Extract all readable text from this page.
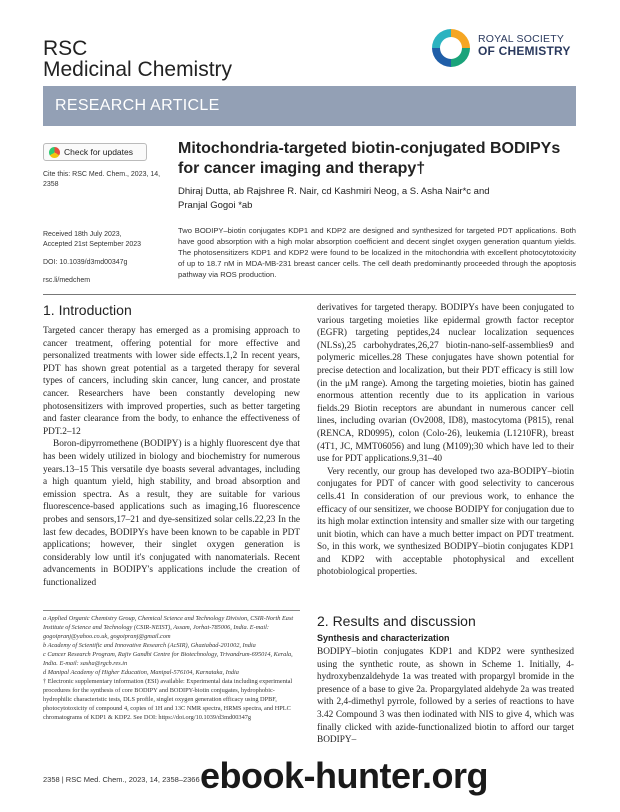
RSC
Medicinal Chemistry
ROYAL SOCIETY
OF CHEMISTRY
RESEARCH ARTICLE
Check for updates
Cite this: RSC Med. Chem., 2023, 14, 2358
Received 18th July 2023,
Accepted 21st September 2023
DOI: 10.1039/d3md00347g
rsc.li/medchem
Mitochondria-targeted biotin-conjugated BODIPYs for cancer imaging and therapy†
Dhiraj Dutta, ab Rajshree R. Nair, cd Kashmiri Neog, a S. Asha Nair*c and Pranjal Gogoi *ab
Two BODIPY–biotin conjugates KDP1 and KDP2 are designed and synthesized for targeted PDT applications. Both have good absorption with a high molar absorption coefficient and decent singlet oxygen generation quantum yields. The photosensitizers KDP1 and KDP2 were found to be localized in the mitochondria with excellent photocytotoxicity of up to 18.7 nM in MDA-MB-231 breast cancer cells. The cell death predominantly proceeded through the apoptosis pathway via ROS production.
1. Introduction

Targeted cancer therapy has emerged as a promising approach to cancer treatment, offering potential for more effective and personalized treatments with lower side effects.1,2 In recent years, PDT has shown great potential as a targeted therapy for several types of cancers, including skin cancer, lung cancer, and prostate cancer. Researchers have been constantly developing new photosensitizers with improved properties, such as better targeting and faster clearance from the body, to enhance the effectiveness of PDT.2–12

Boron-dipyrromethene (BODIPY) is a highly fluorescent dye that has been widely utilized in biology and biochemistry for numerous years.13–15 This versatile dye boasts several advantages, including a high quantum yield, high stability, and broad absorption and emission spectra. As a result, they are suitable for various fluorescence-based applications such as imaging,16 fluorescence probes and sensors,17–21 and dye-sensitized solar cells.22,23 In the last few decades, BODIPYs have been known to be capable in PDT applications; however, their singlet oxygen generation is considerably low until it's conjugated with nanomaterials. Recent advancements in BODIPY's applications include the creation of functionalized

a Applied Organic Chemistry Group, Chemical Science and Technology Division, CSIR-North East Institute of Science and Technology (CSIR-NEIST), Assam, Jorhat-785006, India. E-mail: gogoipranj@yahoo.co.uk, gogoipranj@gmail.com
b Academy of Scientific and Innovative Research (AcSIR), Ghaziabad-201002, India
c Cancer Research Program, Rajiv Gandhi Centre for Biotechnology, Trivandrum-695014, Kerala, India. E-mail: sasha@rgcb.res.in
d Manipal Academy of Higher Education, Manipal-576104, Karnataka, India
† Electronic supplementary information (ESI) available: Experimental data including experimental procedures for the synthesis of core BODIPY and BODIPY-biotin conjugates, hydrophobic-hydrophilic characteristic tests, DLS profile, singlet oxygen generation efficacy using DPBF, photocytotoxicity of compound 4, copies of 1H and 13C NMR spectra, HRMS spectra, and HPLC chromatograms of KDP1 & KDP2. See DOI: https://doi.org/10.1039/d3md00347g

derivatives for targeted therapy. BODIPYs have been conjugated to various targeting moieties like epidermal growth factor receptor (EGFR) targeting peptides,24 nuclear localization sequences (NLSs),25 carbohydrates,26,27 biotin-nano-self-assemblies9 and polymeric micelles.28 These conjugates have shown potential for precise detection and localization, but their PDT efficacy is still low (in the μM range). Among the targeting moieties, biotin has gained enormous attention recently due to its application in various fields.29 Biotin receptors are abundant in numerous cancer cell lines, including ovarian (Ov2008, ID8), mastocytoma (P815), renal (RENCA, RD0995), colon (Colo-26), leukemia (L1210FR), breast (4T1, JC, MMT06056) and lung (M109);30 which have led to their use for PDT applications.9,31–40

Very recently, our group has developed two aza-BODIPY–biotin conjugates for PDT of cancer with good selectivity to cancerous cells.41 In consideration of our previous work, to enhance the efficacy of our sensitizer, we choose BODIPY for conjugation due to its high molar extinction intensity and smaller size with our targeting unit biotin, which can have a much better impact on PDT treatment. So, in this work, we synthesized BODIPY–biotin conjugates KDP1 and KDP2 with acceptable photophysical and excellent photobiological properties.

2. Results and discussion

BODIPY–biotin conjugates KDP1 and KDP2 were synthesized using the synthetic route, as shown in Scheme 1. Initially, 4-hydroxybenzaldehyde 1a was treated with propargyl bromide in the presence of a base to give 2a. Propargylated aldehyde 2a was treated with 2,4-dimethyl pyrrole, followed by a series of reactions to have 3.42 Compound 3 was then iodinated with NIS to give 4, which was finally clicked with azide-functionalized biotin to afford our target BODIPY–

Synthesis and characterization
2358 | RSC Med. Chem., 2023, 14, 2358–2366 ebook-hunter.org
